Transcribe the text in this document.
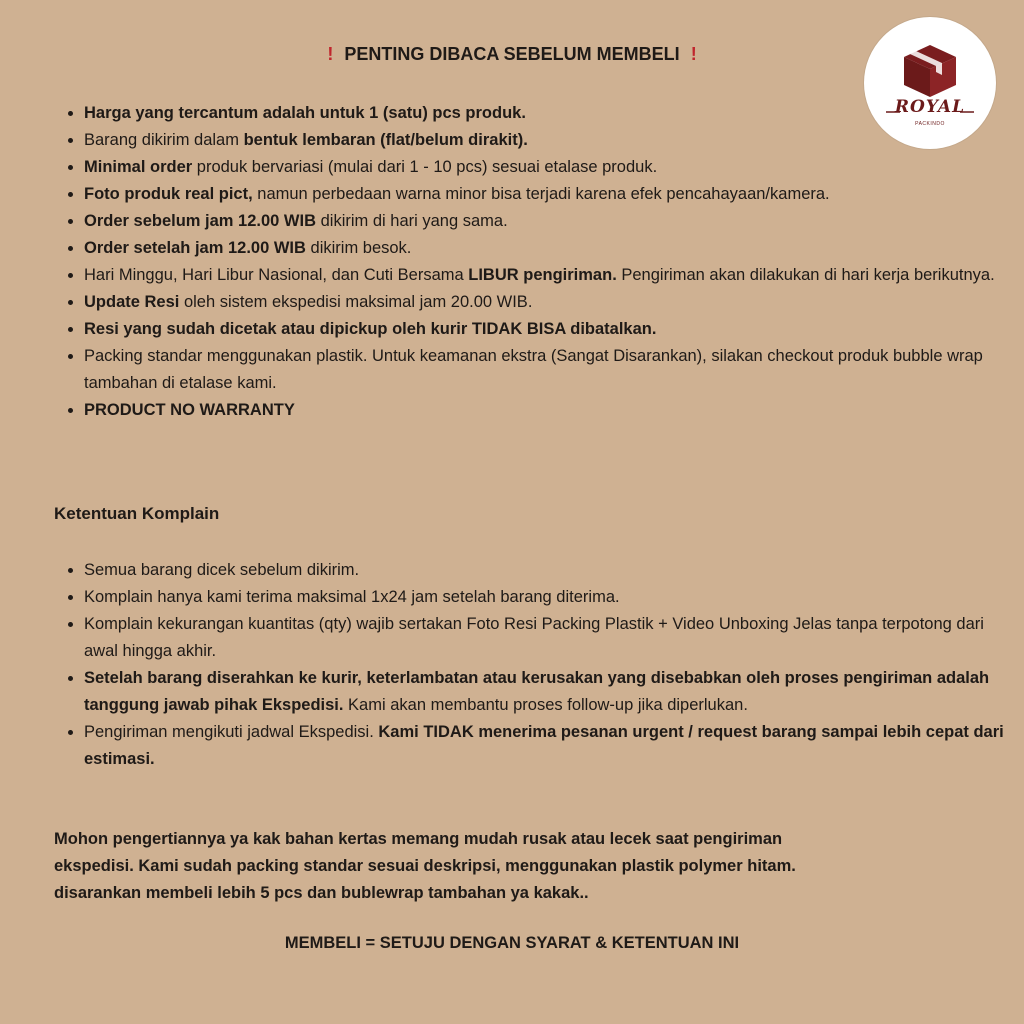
! PENTING DIBACA SEBELUM MEMBELI !
ROYAL
PACKINDO
• Harga yang tercantum adalah untuk 1 (satu) pcs produk.
• Barang dikirim dalam bentuk lembaran (flat/belum dirakit).
• Minimal order produk bervariasi (mulai dari 1 - 10 pcs) sesuai etalase produk.
• Foto produk real pict, namun perbedaan warna minor bisa terjadi karena efek pencahayaan/kamera.
• Order sebelum jam 12.00 WIB dikirim di hari yang sama.
• Order setelah jam 12.00 WIB dikirim besok.
• Hari Minggu, Hari Libur Nasional, dan Cuti Bersama LIBUR pengiriman. Pengiriman akan dilakukan di hari kerja berikutnya.
• Update Resi oleh sistem ekspedisi maksimal jam 20.00 WIB.
• Resi yang sudah dicetak atau dipickup oleh kurir TIDAK BISA dibatalkan.
• Packing standar menggunakan plastik. Untuk keamanan ekstra (Sangat Disarankan), silakan checkout produk bubble wrap tambahan di etalase kami.
• PRODUCT NO WARRANTY
Ketentuan Komplain
• Semua barang dicek sebelum dikirim.
• Komplain hanya kami terima maksimal 1x24 jam setelah barang diterima.
• Komplain kekurangan kuantitas (qty) wajib sertakan Foto Resi Packing Plastik + Video Unboxing Jelas tanpa terpotong dari awal hingga akhir.
• Setelah barang diserahkan ke kurir, keterlambatan atau kerusakan yang disebabkan oleh proses pengiriman adalah tanggung jawab pihak Ekspedisi. Kami akan membantu proses follow-up jika diperlukan.
• Pengiriman mengikuti jadwal Ekspedisi. Kami TIDAK menerima pesanan urgent / request barang sampai lebih cepat dari estimasi.
Mohon pengertiannya ya kak bahan kertas memang mudah rusak atau lecek saat pengiriman
ekspedisi. Kami sudah packing standar sesuai deskripsi, menggunakan plastik polymer hitam.
disarankan membeli lebih 5 pcs dan bublewrap tambahan ya kakak..
MEMBELI = SETUJU DENGAN SYARAT & KETENTUAN INI
